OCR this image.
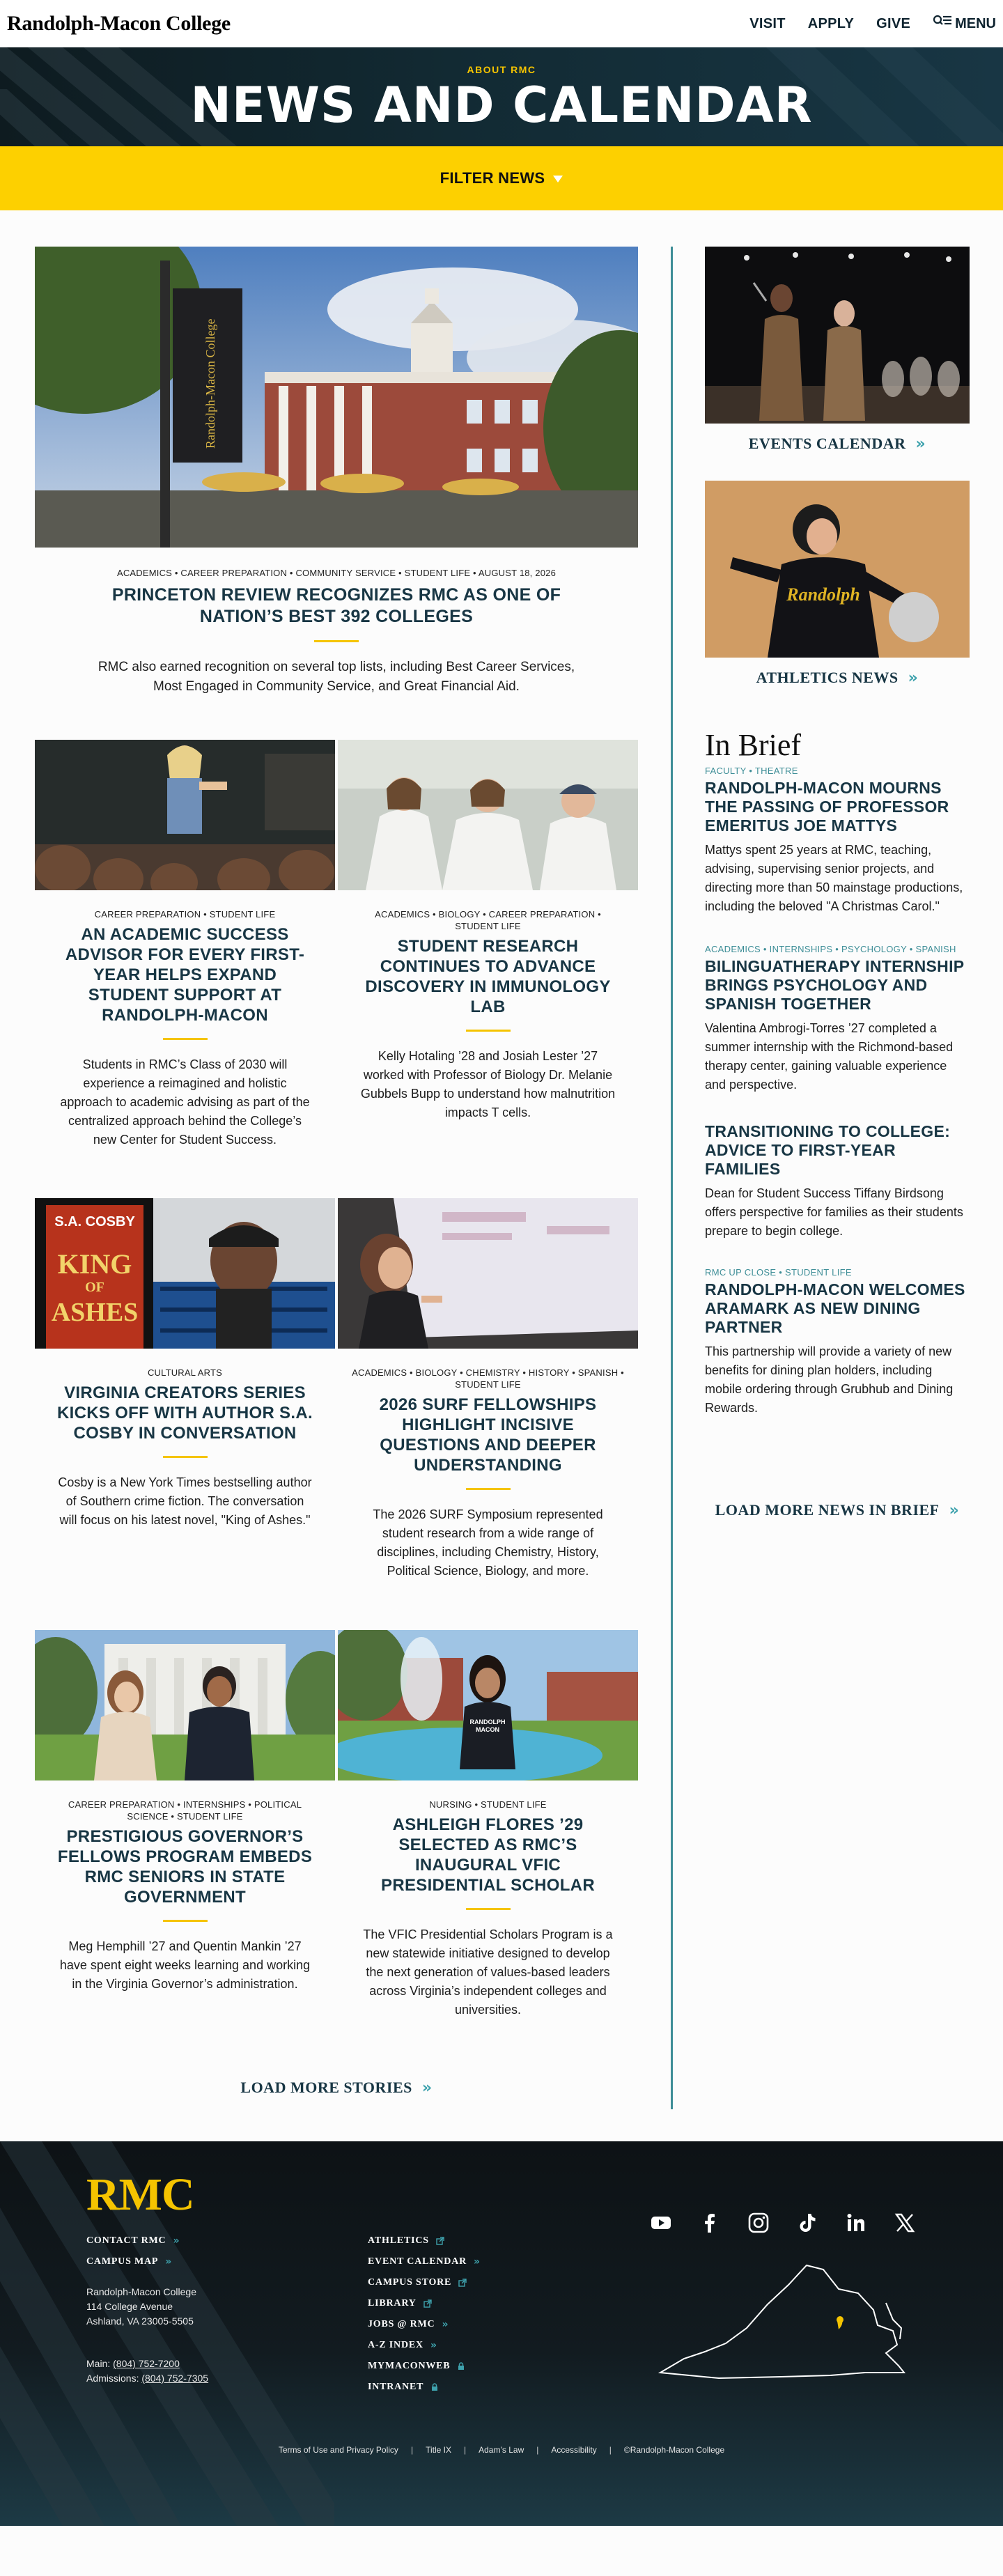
Randolph-Macon College	VISIT APPLY GIVE	MENU
ABOUT RMC
NEWS AND CALENDAR
FILTER NEWS
Randolph-Macon College
ACADEMICS • CAREER PREPARATION • COMMUNITY SERVICE • STUDENT LIFE • AUGUST 18, 2026
PRINCETON REVIEW RECOGNIZES RMC AS ONE OF NATION’S BEST 392 COLLEGES

RMC also earned recognition on several top lists, including Best Career Services, Most Engaged in Community Service, and Great Financial Aid.

CAREER PREPARATION • STUDENT LIFE
AN ACADEMIC SUCCESS ADVISOR FOR EVERY FIRST-YEAR HELPS EXPAND STUDENT SUPPORT AT RANDOLPH-MACON

Students in RMC’s Class of 2030 will experience a reimagined and holistic approach to academic advising as part of the centralized approach behind the College’s new Center for Student Success.

ACADEMICS • BIOLOGY • CAREER PREPARATION • STUDENT LIFE
STUDENT RESEARCH CONTINUES TO ADVANCE DISCOVERY IN IMMUNOLOGY LAB

Kelly Hotaling ’28 and Josiah Lester ’27 worked with Professor of Biology Dr. Melanie Gubbels Bupp to understand how malnutrition impacts T cells.

S.A. COSBY
KING
OF
ASHES
CULTURAL ARTS
VIRGINIA CREATORS SERIES KICKS OFF WITH AUTHOR S.A. COSBY IN CONVERSATION

Cosby is a New York Times bestselling author of Southern crime fiction. The conversation will focus on his latest novel, "King of Ashes."

ACADEMICS • BIOLOGY • CHEMISTRY • HISTORY • SPANISH • STUDENT LIFE
2026 SURF FELLOWSHIPS HIGHLIGHT INCISIVE QUESTIONS AND DEEPER UNDERSTANDING

The 2026 SURF Symposium represented student research from a wide range of disciplines, including Chemistry, History, Political Science, Biology, and more.

CAREER PREPARATION • INTERNSHIPS • POLITICAL SCIENCE • STUDENT LIFE
PRESTIGIOUS GOVERNOR’S FELLOWS PROGRAM EMBEDS RMC SENIORS IN STATE GOVERNMENT

Meg Hemphill ’27 and Quentin Mankin ’27 have spent eight weeks learning and working in the Virginia Governor’s administration.

RANDOLPH
MACON
NURSING • STUDENT LIFE
ASHLEIGH FLORES ’29 SELECTED AS RMC’S INAUGURAL VFIC PRESIDENTIAL SCHOLAR

The VFIC Presidential Scholars Program is a new statewide initiative designed to develop the next generation of values-based leaders across Virginia’s independent colleges and universities.

LOAD MORE STORIES »
EVENTS CALENDAR »
Randolph
ATHLETICS NEWS »
In Brief
FACULTY • THEATRE
RANDOLPH-MACON MOURNS THE PASSING OF PROFESSOR EMERITUS JOE MATTYS

Mattys spent 25 years at RMC, teaching, advising, supervising senior projects, and directing more than 50 mainstage productions, including the beloved "A Christmas Carol."

ACADEMICS • INTERNSHIPS • PSYCHOLOGY • SPANISH
BILINGUATHERAPY INTERNSHIP BRINGS PSYCHOLOGY AND SPANISH TOGETHER

Valentina Ambrogi-Torres ’27 completed a summer internship with the Richmond-based therapy center, gaining valuable experience and perspective.

TRANSITIONING TO COLLEGE: ADVICE TO FIRST-YEAR FAMILIES

Dean for Student Success Tiffany Birdsong offers perspective for families as their students prepare to begin college.

RMC UP CLOSE • STUDENT LIFE
RANDOLPH-MACON WELCOMES ARAMARK AS NEW DINING PARTNER

This partnership will provide a variety of new benefits for dining plan holders, including mobile ordering through Grubhub and Dining Rewards.

LOAD MORE NEWS IN BRIEF »
RMC
CONTACT RMC »
CAMPUS MAP »
Randolph-Macon College
114 College Avenue
Ashland, VA 23005-5505
Main: (804) 752-7200
Admissions: (804) 752-7305
ATHLETICS
EVENT CALENDAR »
CAMPUS STORE
LIBRARY
JOBS @ RMC »
A-Z INDEX »
MYMACONWEB
INTRANET
Terms of Use and Privacy Policy | Title IX | Adam’s Law | Accessibility | ©Randolph-Macon College
